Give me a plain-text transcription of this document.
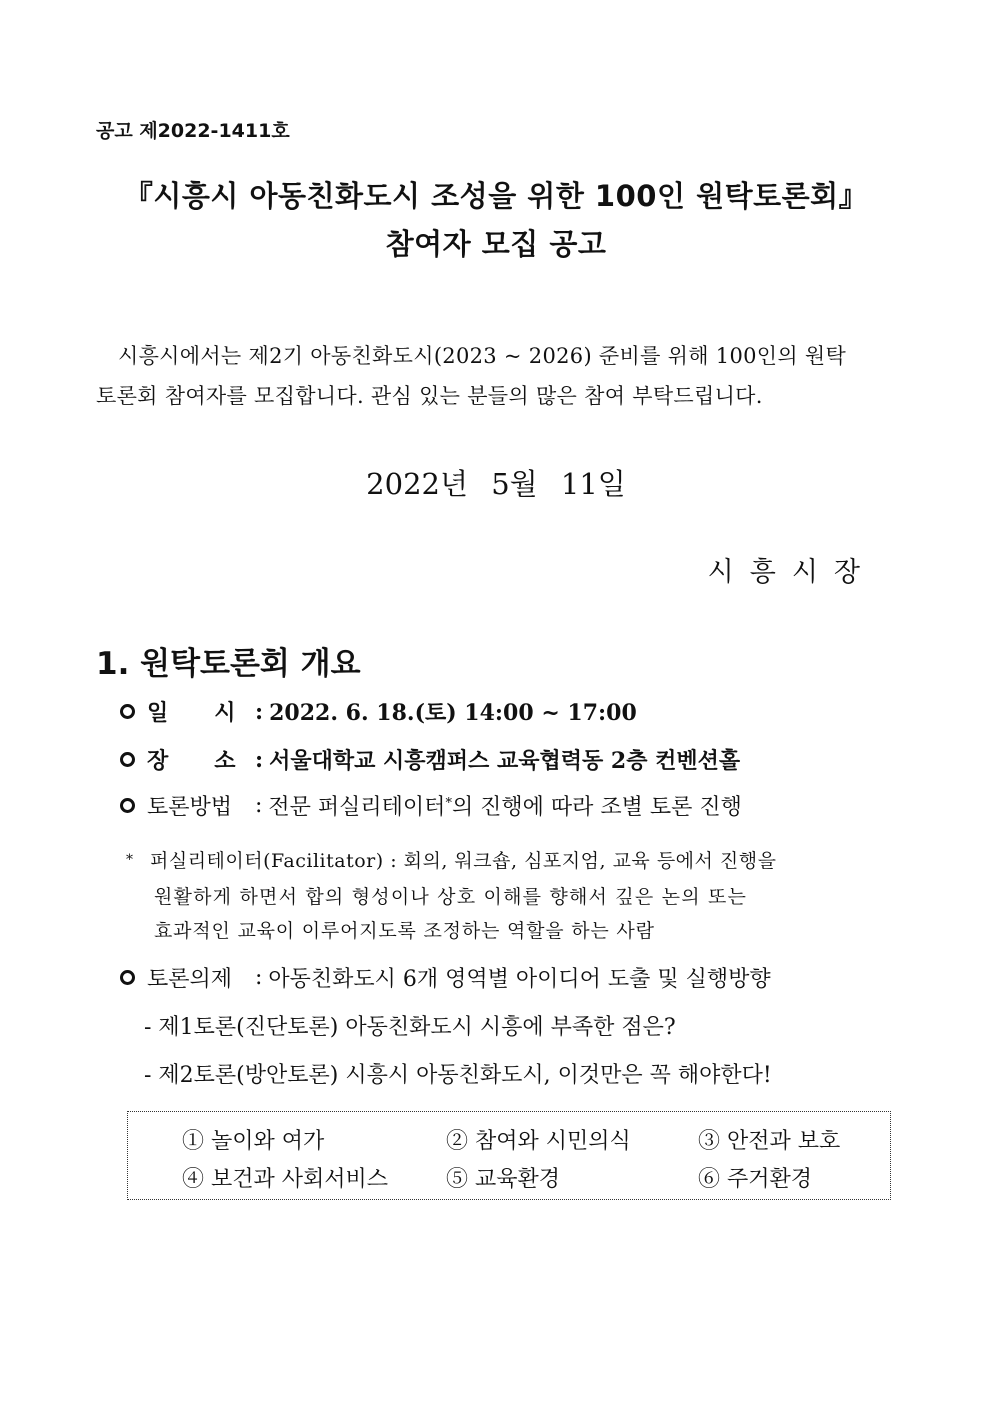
공고 제2022-1411호
『시흥시 아동친화도시 조성을 위한 100인 원탁토론회』
참여자 모집 공고
시흥시에서는 제2기 아동친화도시(2023 ~ 2026) 준비를 위해 100인의 원탁
토론회 참여자를 모집합니다. 관심 있는 분들의 많은 참여 부탁드립니다.
2022년 5월 11일
시흥시장
1. 원탁토론회 개요
일      시 : 2022. 6. 18.(토) 14:00 ~ 17:00
장      소 : 서울대학교 시흥캠퍼스 교육협력동 2층 컨벤션홀
토론방법	: 전문 퍼실리테이터* 의 진행에 따라 조별 토론 진행
* 퍼실리테이터(Facilitator) : 회의, 워크숍, 심포지엄, 교육 등에서 진행을
원활하게 하면서 합의 형성이나 상호 이해를 향해서 깊은 논의 또는
효과적인 교육이 이루어지도록 조정하는 역할을 하는 사람
토론의제	: 아동친화도시 6개 영역별 아이디어 도출 및 실행방향
- 제1토론(진단토론) 아동친화도시 시흥에 부족한 점은?
- 제2토론(방안토론) 시흥시 아동친화도시, 이것만은 꼭 해야한다!
① 놀이와 여가	② 참여와 시민의식	③ 안전과 보호
④ 보건과 사회서비스	⑤ 교육환경	⑥ 주거환경
